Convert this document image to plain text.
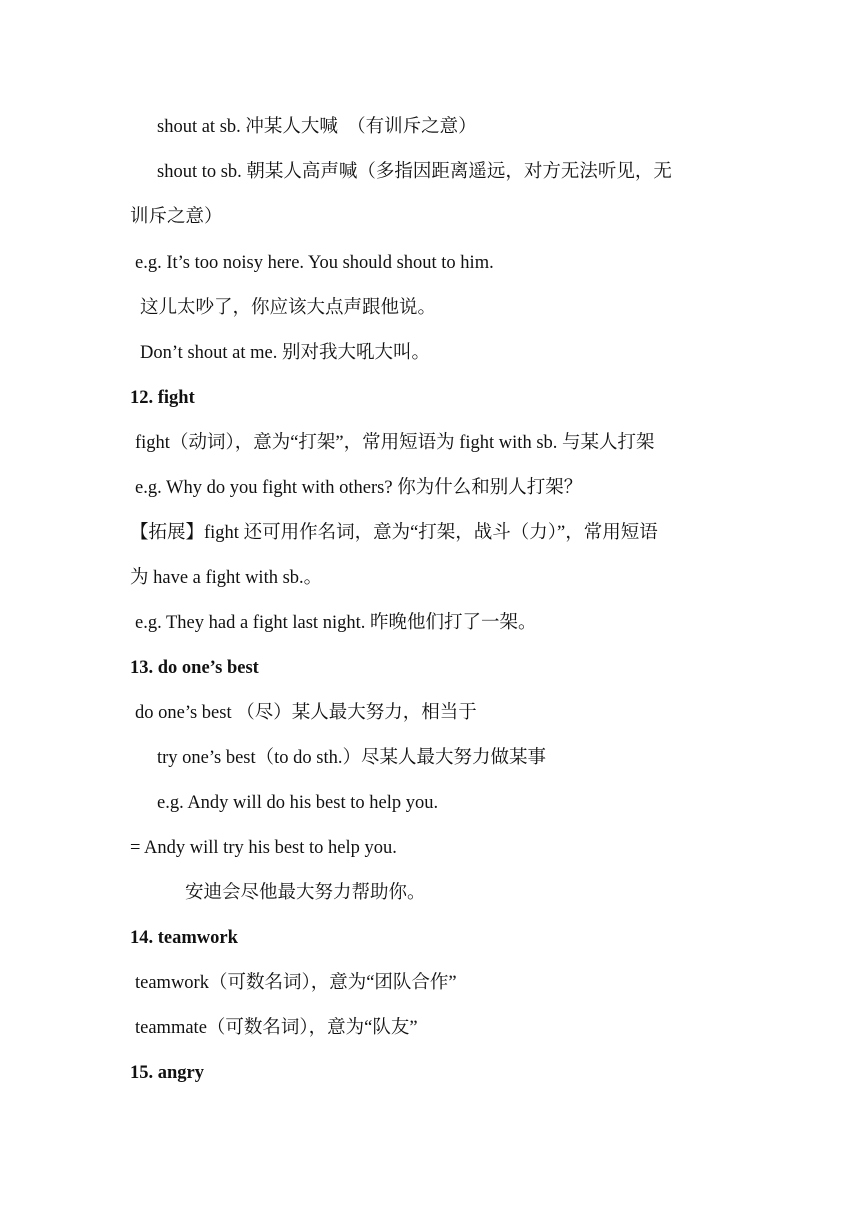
shout at sb. 冲某人大喊　（有训斥之意）
shout to sb. 朝某人高声喊（多指因距离遥远，对方无法听见，无
训斥之意）
e.g. It’s too noisy here. You should shout to him.
这儿太吵了，你应该大点声跟他说。
Don’t shout at me. 别对我大吼大叫。
12. fight
fight（动词），意为“打架”，常用短语为 fight with sb. 与某人打架
e.g. Why do you fight with others? 你为什么和别人打架？
【拓展】fight 还可用作名词，意为“打架，战斗（力）”，常用短语
为 have a fight with sb.。
e.g. They had a fight last night. 昨晚他们打了一架。
13. do one’s best
do one’s best （尽）某人最大努力，相当于
try one’s best（to do sth.）尽某人最大努力做某事
e.g. Andy will do his best to help you.
= Andy will try his best to help you.
安迪会尽他最大努力帮助你。
14. teamwork
teamwork（可数名词），意为“团队合作”
teammate（可数名词），意为“队友”
15. angry
